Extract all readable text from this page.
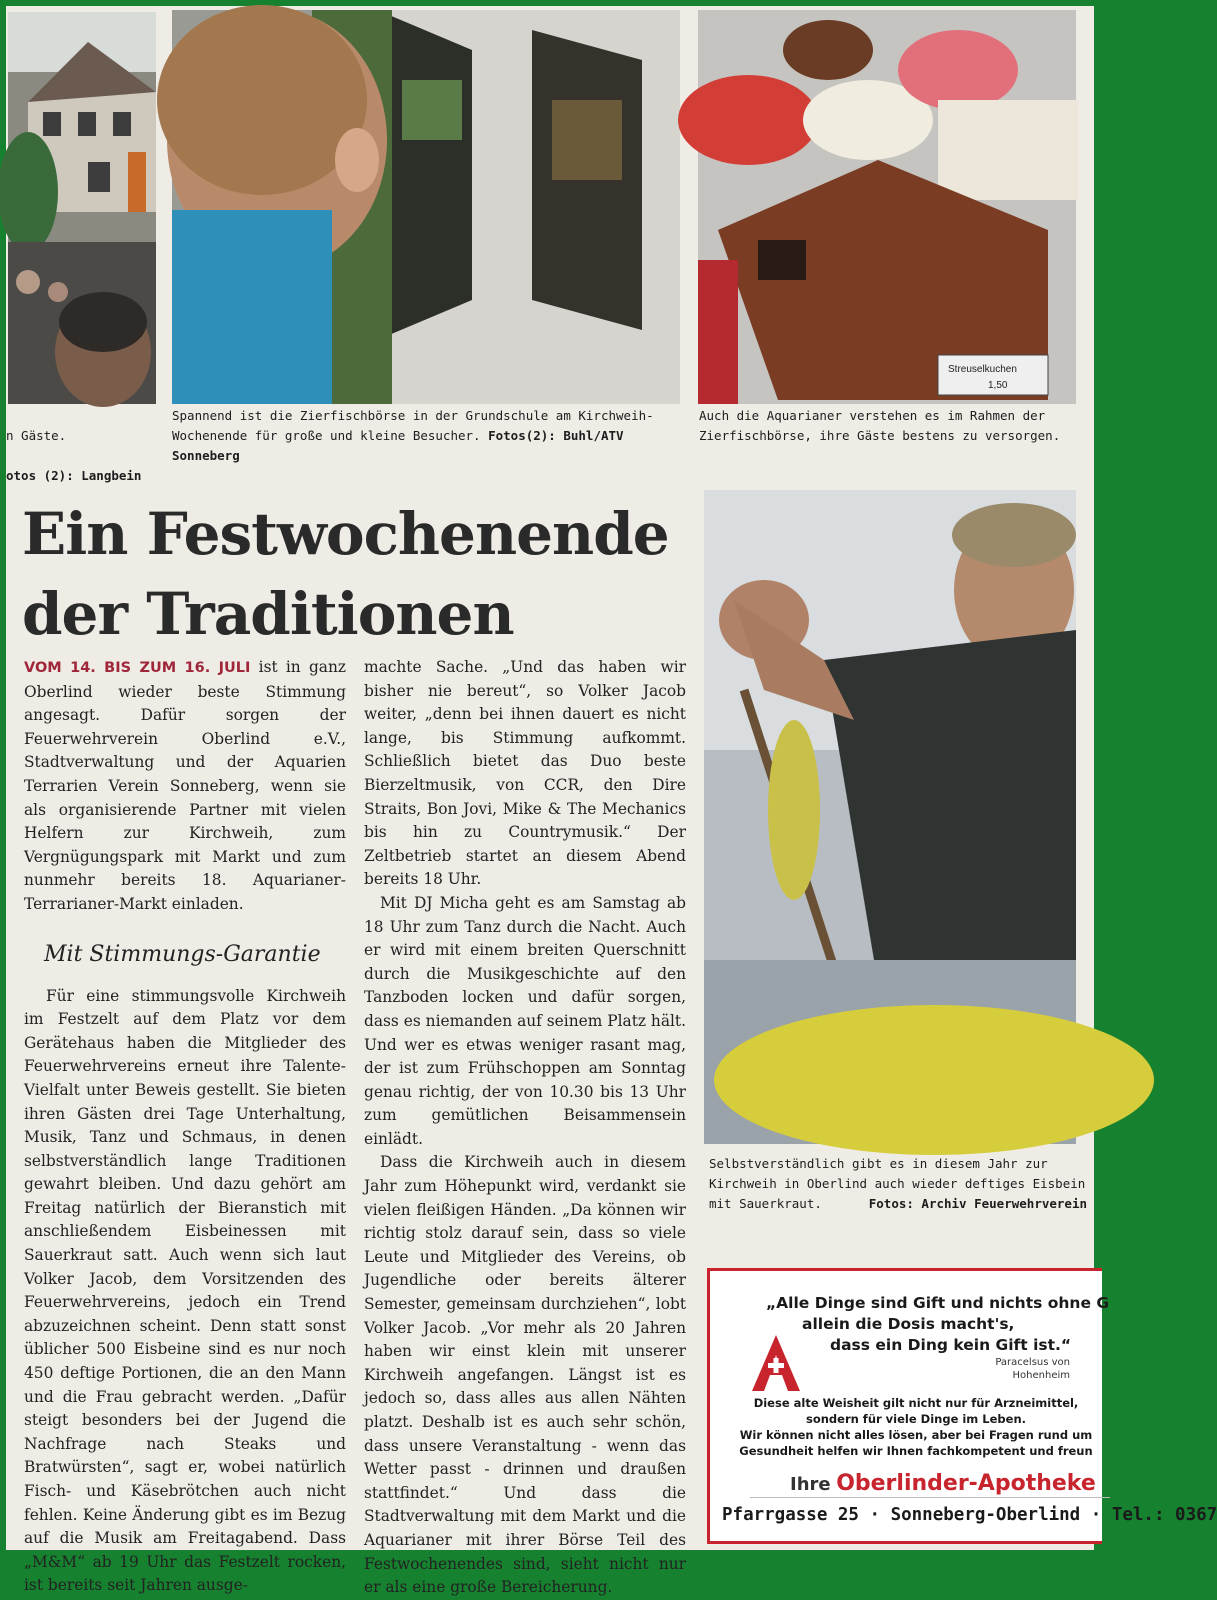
Streuselkuchen
1,50

n Gäste.

otos (2): Langbein

Spannend ist die Zierfischbörse in der Grundschule am Kirchweih-Wochenende für große und kleine Besucher. Fotos(2): Buhl/ATV Sonneberg
Auch die Aquarianer verstehen es im Rahmen der Zierfischbörse, ihre Gäste bestens zu versorgen.
Ein Festwochenende
der Traditionen

VOM 14. BIS ZUM 16. JULI ist in ganz Oberlind wieder beste Stimmung angesagt. Dafür sorgen der Feuerwehrverein Oberlind e.V., Stadtverwaltung und der Aquarien Terrarien Verein Sonneberg, wenn sie als organisierende Partner mit vielen Helfern zur Kirchweih, zum Vergnügungspark mit Markt und zum nunmehr bereits 18. Aquarianer-Terrarianer-Markt einladen.

Mit Stimmungs-Garantie

Für eine stimmungsvolle Kirchweih im Festzelt auf dem Platz vor dem Gerätehaus haben die Mitglieder des Feuerwehrvereins erneut ihre Talente-Vielfalt unter Beweis gestellt. Sie bieten ihren Gästen drei Tage Unterhaltung, Musik, Tanz und Schmaus, in denen selbstverständlich lange Traditionen gewahrt bleiben. Und dazu gehört am Freitag natürlich der Bieranstich mit anschließendem Eisbeinessen mit Sauerkraut satt. Auch wenn sich laut Volker Jacob, dem Vorsitzenden des Feuerwehrvereins, jedoch ein Trend abzuzeichnen scheint. Denn statt sonst üblicher 500 Eisbeine sind es nur noch 450 deftige Portionen, die an den Mann und die Frau gebracht werden. „Dafür steigt besonders bei der Jugend die Nachfrage nach Steaks und Bratwürsten“, sagt er, wobei natürlich Fisch- und Käsebrötchen auch nicht fehlen. Keine Änderung gibt es im Bezug auf die Musik am Freitagabend. Dass „M&M“ ab 19 Uhr das Festzelt rocken, ist bereits seit Jahren ausge-

machte Sache. „Und das haben wir bisher nie bereut“, so Volker Jacob weiter, „denn bei ihnen dauert es nicht lange, bis Stimmung aufkommt. Schließlich bietet das Duo beste Bierzeltmusik, von CCR, den Dire Straits, Bon Jovi, Mike & The Mechanics bis hin zu Countrymusik.“ Der Zeltbetrieb startet an diesem Abend bereits 18 Uhr.

Mit DJ Micha geht es am Samstag ab 18 Uhr zum Tanz durch die Nacht. Auch er wird mit einem breiten Querschnitt durch die Musikgeschichte auf den Tanzboden locken und dafür sorgen, dass es niemanden auf seinem Platz hält. Und wer es etwas weniger rasant mag, der ist zum Frühschoppen am Sonntag genau richtig, der von 10.30 bis 13 Uhr zum gemütlichen Beisammensein einlädt.

Dass die Kirchweih auch in diesem Jahr zum Höhepunkt wird, verdankt sie vielen fleißigen Händen. „Da können wir richtig stolz darauf sein, dass so viele Leute und Mitglieder des Vereins, ob Jugendliche oder bereits älterer Semester, gemeinsam durchziehen“, lobt Volker Jacob. „Vor mehr als 20 Jahren haben wir einst klein mit unserer Kirchweih angefangen. Längst ist es jedoch so, dass alles aus allen Nähten platzt. Deshalb ist es auch sehr schön, dass unsere Veranstaltung - wenn das Wetter passt - drinnen und draußen stattfindet.“ Und dass die Stadtverwaltung mit dem Markt und die Aquarianer mit ihrer Börse Teil des Festwochenendes sind, sieht nicht nur er als eine große Bereicherung.

Selbstverständlich gibt es in diesem Jahr zur Kirchweih in Oberlind auch wieder deftiges Eisbein mit Sauerkraut.	Fotos: Archiv Feuerwehrverein
„Alle Dinge sind Gift und nichts ohne G
allein die Dosis macht's,
dass ein Ding kein Gift ist.“
Paracelsus von
Hohenheim
Diese alte Weisheit gilt nicht nur für Arzneimittel,
sondern für viele Dinge im Leben.
Wir können nicht alles lösen, aber bei Fragen rund um
Gesundheit helfen wir Ihnen fachkompetent und freun
Ihre Oberlinder-Apotheke
Pfarrgasse 25 · Sonneberg-Oberlind · Tel.: 0367
